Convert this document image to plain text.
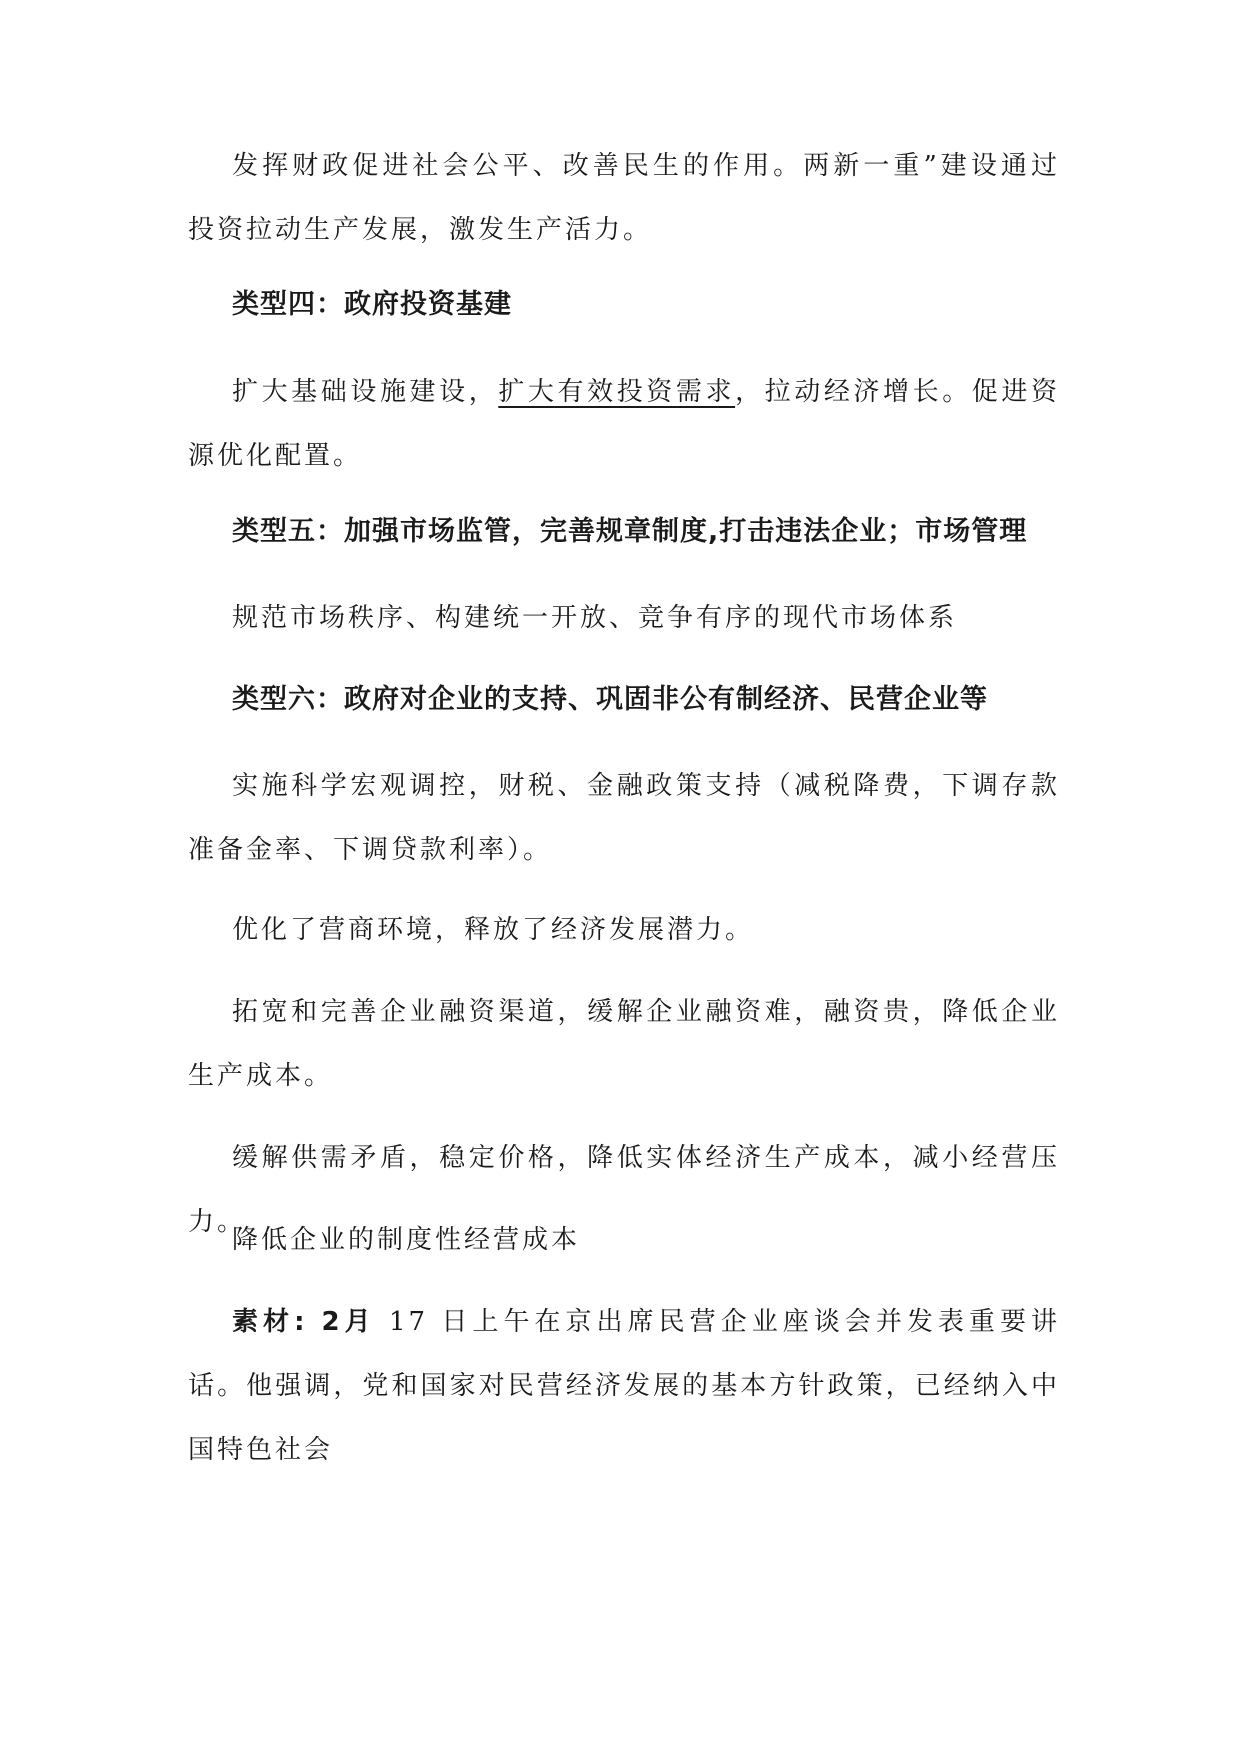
发挥财政促进社会公平、改善民生的作用。两新一重”建设通过投资拉动生产发展，激发生产活力。

类型四：政府投资基建

扩大基础设施建设，扩大有效投资需求，拉动经济增长。促进资源优化配置。

类型五：加强市场监管，完善规章制度,打击违法企业；市场管理

规范市场秩序、构建统一开放、竞争有序的现代市场体系

类型六：政府对企业的支持、巩固非公有制经济、民营企业等

实施科学宏观调控，财税、金融政策支持（减税降费，下调存款准备金率、下调贷款利率）。

优化了营商环境，释放了经济发展潜力。

拓宽和完善企业融资渠道，缓解企业融资难，融资贵，降低企业生产成本。

缓解供需矛盾，稳定价格，降低实体经济生产成本，减小经营压力。

降低企业的制度性经营成本

素材: 2月 17 日上午在京出席民营企业座谈会并发表重要讲话。他强调，党和国家对民营经济发展的基本方针政策，已经纳入中国特色社会
